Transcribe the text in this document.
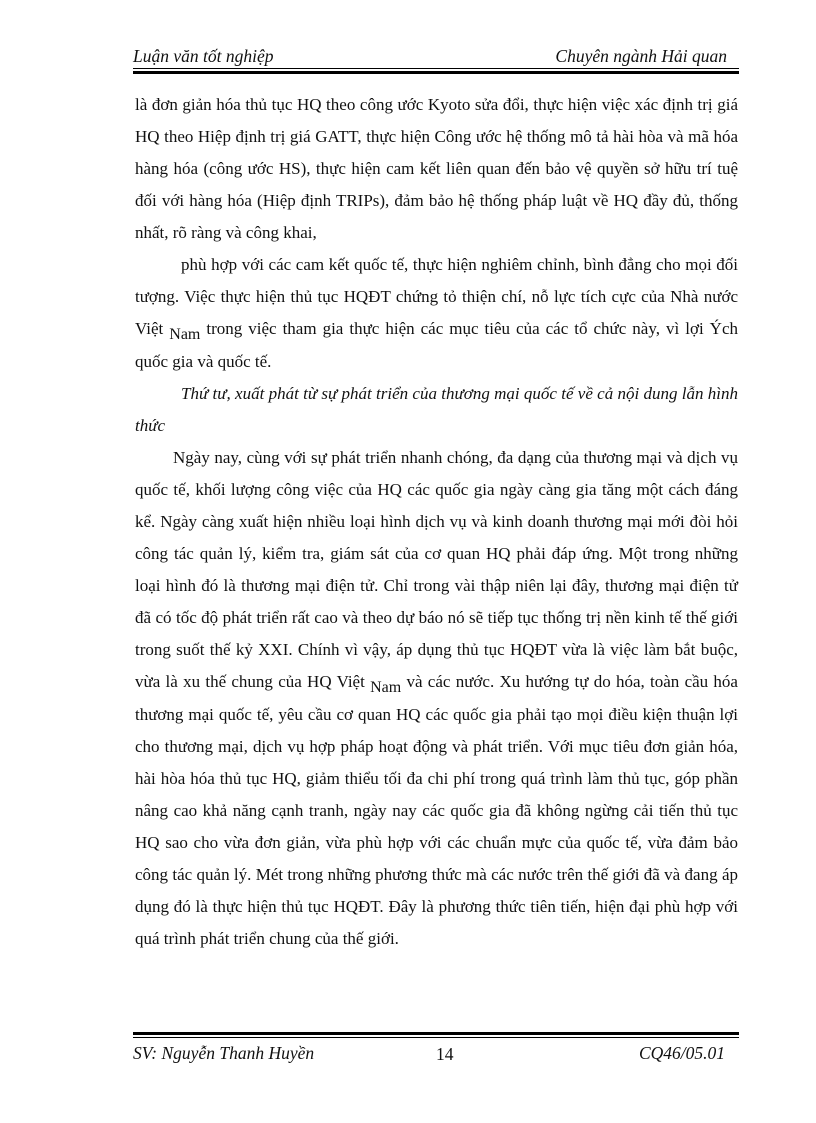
Luận văn tốt nghiệp	Chuyên ngành Hải quan

là đơn giản hóa thủ tục HQ theo công ước Kyoto sửa đổi, thực hiện việc xác định trị giá HQ theo Hiệp định trị giá GATT, thực hiện Công ước hệ thống mô tả hài hòa và mã hóa hàng hóa (công ước HS), thực hiện cam kết liên quan đến bảo vệ quyền sở hữu trí tuệ đối với hàng hóa (Hiệp định TRIPs), đảm bảo hệ thống pháp luật về HQ đầy đủ, thống nhất, rõ ràng và công khai,

phù hợp với các cam kết quốc tế, thực hiện nghiêm chỉnh, bình đẳng cho mọi đối tượng. Việc thực hiện thủ tục HQĐT chứng tỏ thiện chí, nỗ lực tích cực của Nhà nước Việt Nam trong việc tham gia thực hiện các mục tiêu của các tổ chức này, vì lợi Ých quốc gia và quốc tế.

Thứ tư, xuất phát từ sự phát triển của thương mại quốc tế về cả nội dung lẫn hình thức

Ngày nay, cùng với sự phát triển nhanh chóng, đa dạng của thương mại và dịch vụ quốc tế, khối lượng công việc của HQ các quốc gia ngày càng gia tăng một cách đáng kể. Ngày càng xuất hiện nhiều loại hình dịch vụ và kinh doanh thương mại mới đòi hỏi công tác quản lý, kiểm tra, giám sát của cơ quan HQ phải đáp ứng. Một trong những loại hình đó là thương mại điện tử. Chỉ trong vài thập niên lại đây, thương mại điện tử đã có tốc độ phát triển rất cao và theo dự báo nó sẽ tiếp tục thống trị nền kinh tế thế giới trong suốt thế kỷ XXI. Chính vì vậy, áp dụng thủ tục HQĐT vừa là việc làm bắt buộc, vừa là xu thế chung của HQ Việt Nam và các nước. Xu hướng tự do hóa, toàn cầu hóa thương mại quốc tế, yêu cầu cơ quan HQ các quốc gia phải tạo mọi điều kiện thuận lợi cho thương mại, dịch vụ hợp pháp hoạt động và phát triển. Với mục tiêu đơn giản hóa, hài hòa hóa thủ tục HQ, giảm thiểu tối đa chi phí trong quá trình làm thủ tục, góp phần nâng cao khả năng cạnh tranh, ngày nay các quốc gia đã không ngừng cải tiến thủ tục HQ sao cho vừa đơn giản, vừa phù hợp với các chuẩn mực của quốc tế, vừa đảm bảo công tác quản lý. Mét trong những phương thức mà các nước trên thế giới đã và đang áp dụng đó là thực hiện thủ tục HQĐT. Đây là phương thức tiên tiến, hiện đại phù hợp với quá trình phát triển chung của thế giới.

SV: Nguyễn Thanh Huyền	14	CQ46/05.01
